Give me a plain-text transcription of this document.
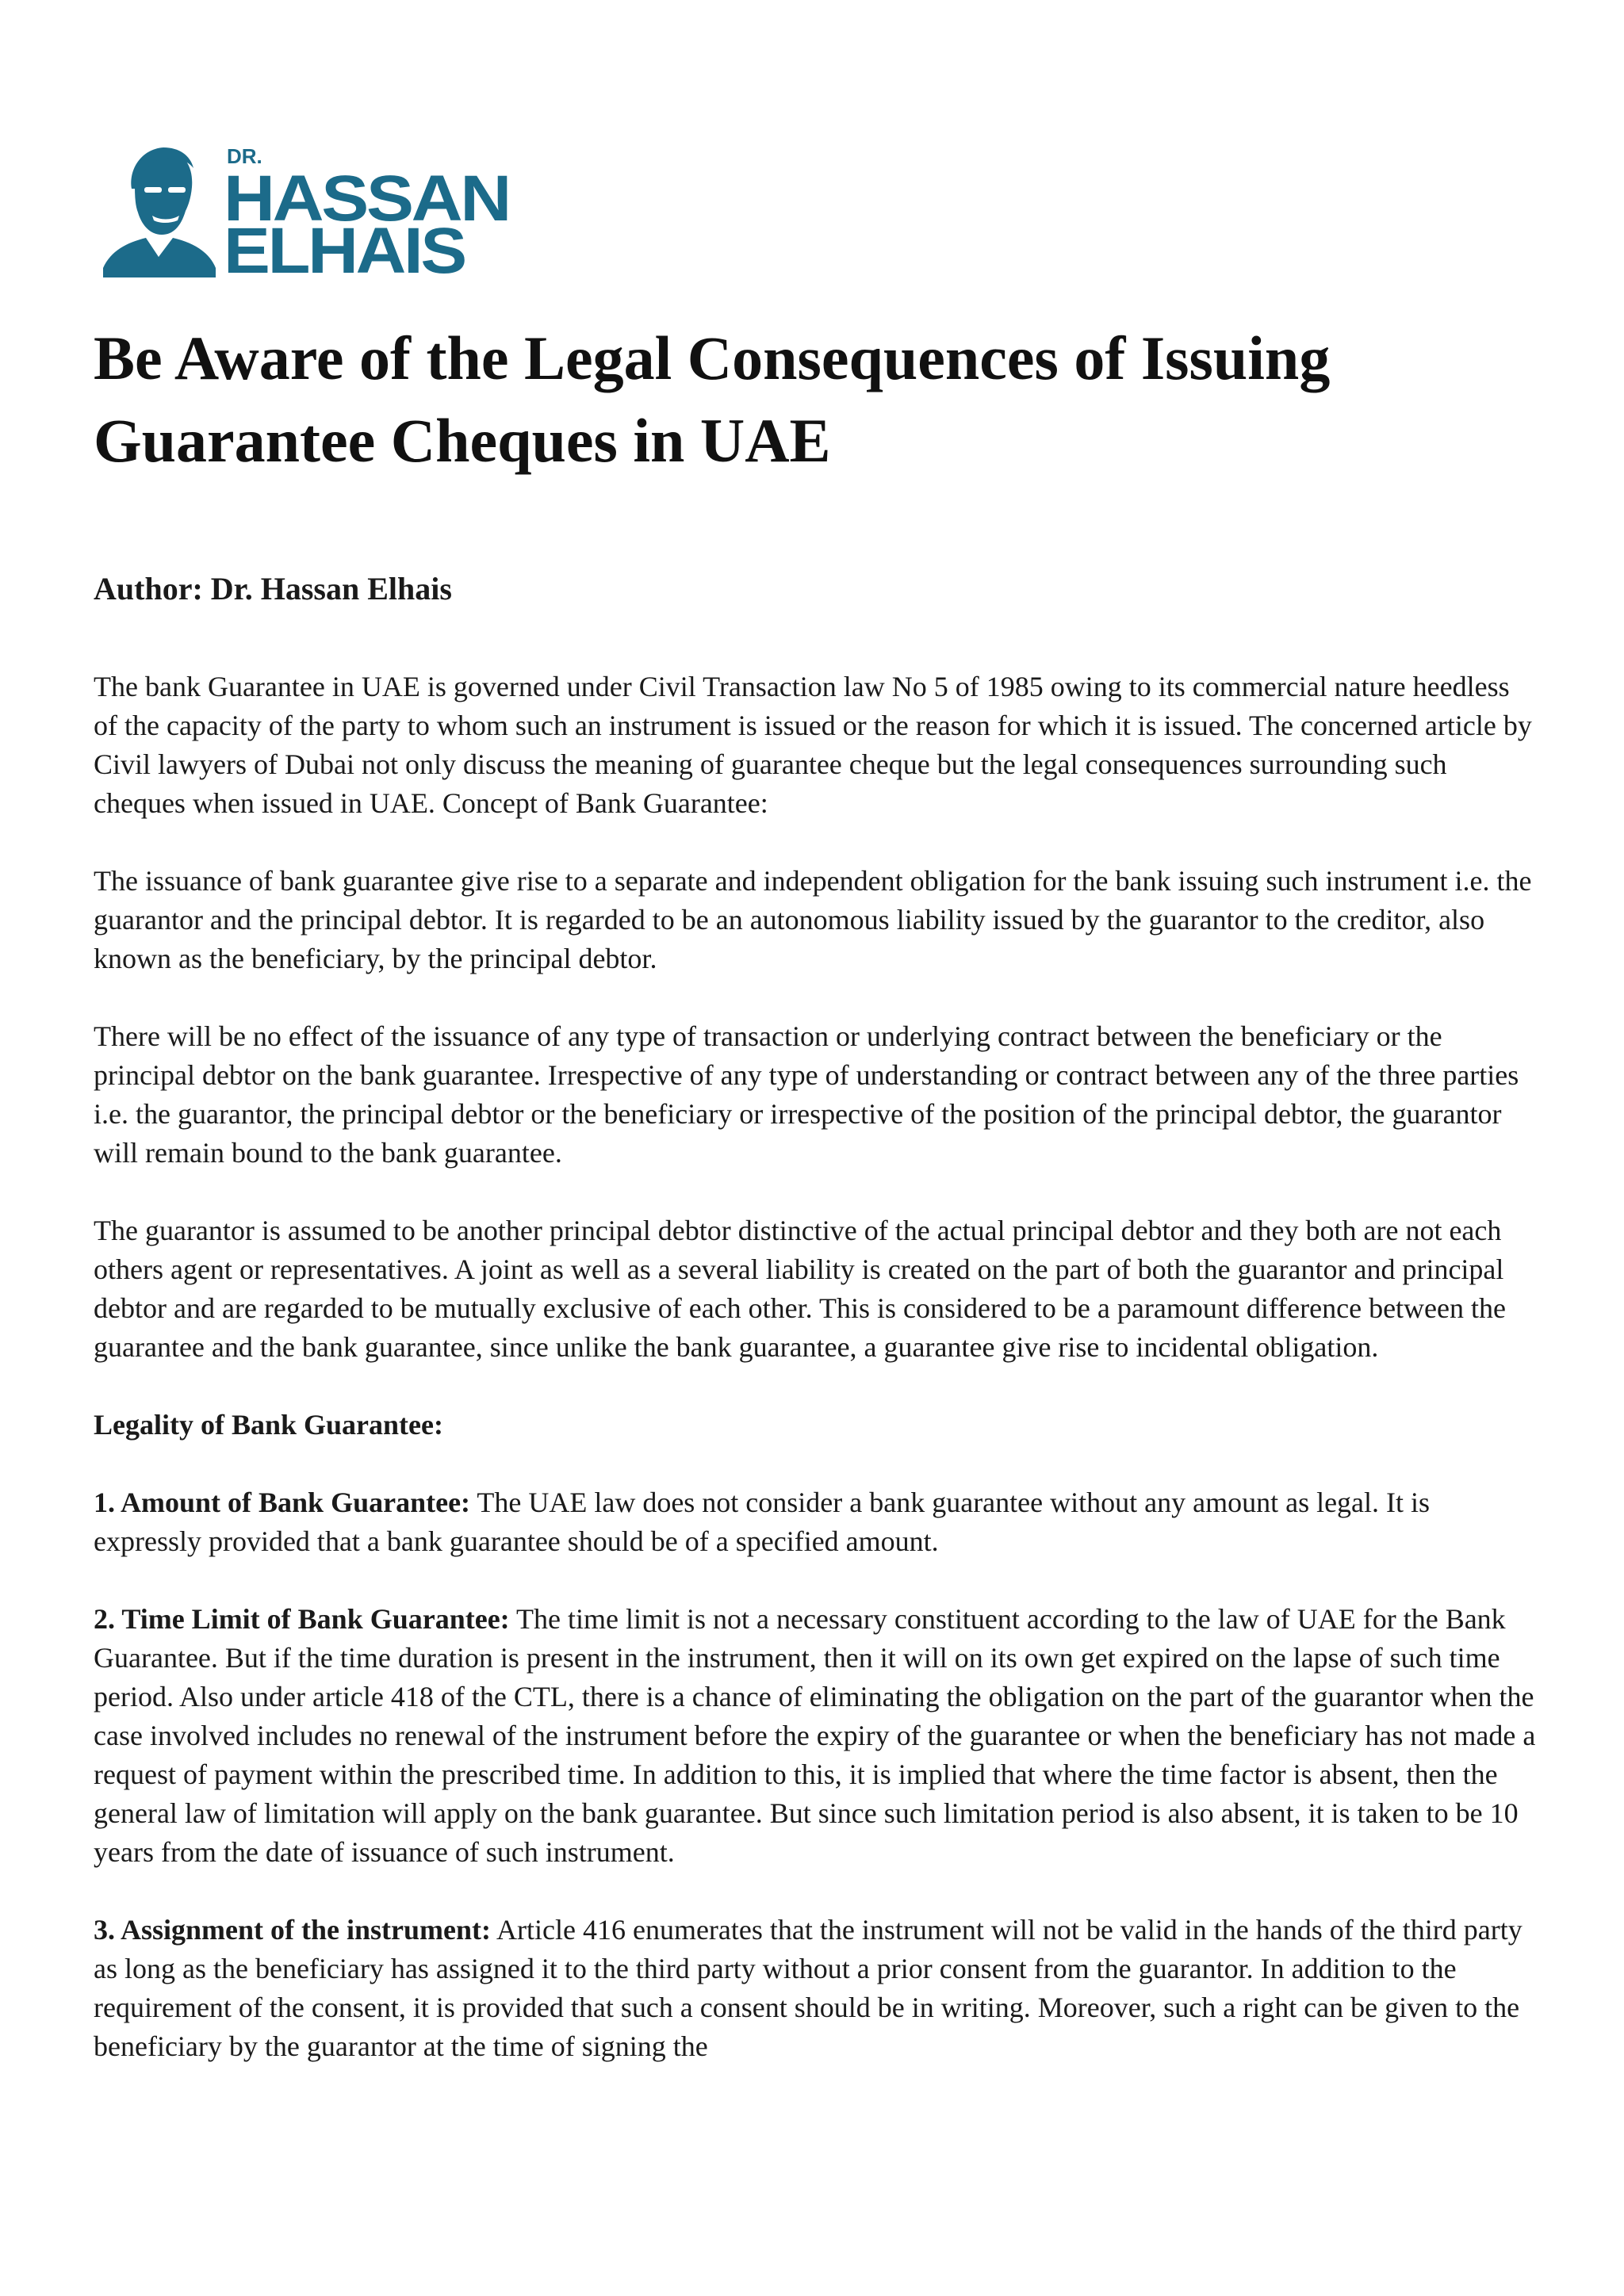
DR.
HASSAN
ELHAIS
Be Aware of the Legal Consequences of Issuing Guarantee Cheques in UAE

Author: Dr. Hassan Elhais

The bank Guarantee in UAE is governed under Civil Transaction law No 5 of 1985 owing to its commercial nature heedless of the capacity of the party to whom such an instrument is issued or the reason for which it is issued. The concerned article by Civil lawyers of Dubai not only discuss the meaning of guarantee cheque but the legal consequences surrounding such cheques when issued in UAE. Concept of Bank Guarantee:

The issuance of bank guarantee give rise to a separate and independent obligation for the bank issuing such instrument i.e. the guarantor and the principal debtor. It is regarded to be an autonomous liability issued by the guarantor to the creditor, also known as the beneficiary, by the principal debtor.

There will be no effect of the issuance of any type of transaction or underlying contract between the beneficiary or the principal debtor on the bank guarantee. Irrespective of any type of understanding or contract between any of the three parties i.e. the guarantor, the principal debtor or the beneficiary or irrespective of the position of the principal debtor, the guarantor will remain bound to the bank guarantee.

The guarantor is assumed to be another principal debtor distinctive of the actual principal debtor and they both are not each others agent or representatives. A joint as well as a several liability is created on the part of both the guarantor and principal debtor and are regarded to be mutually exclusive of each other. This is considered to be a paramount difference between the guarantee and the bank guarantee, since unlike the bank guarantee, a guarantee give rise to incidental obligation.

Legality of Bank Guarantee:

1. Amount of Bank Guarantee: The UAE law does not consider a bank guarantee without any amount as legal. It is expressly provided that a bank guarantee should be of a specified amount.

2. Time Limit of Bank Guarantee: The time limit is not a necessary constituent according to the law of UAE for the Bank Guarantee. But if the time duration is present in the instrument, then it will on its own get expired on the lapse of such time period. Also under article 418 of the CTL, there is a chance of eliminating the obligation on the part of the guarantor when the case involved includes no renewal of the instrument before the expiry of the guarantee or when the beneficiary has not made a request of payment within the prescribed time. In addition to this, it is implied that where the time factor is absent, then the general law of limitation will apply on the bank guarantee. But since such limitation period is also absent, it is taken to be 10 years from the date of issuance of such instrument.

3. Assignment of the instrument: Article 416 enumerates that the instrument will not be valid in the hands of the third party as long as the beneficiary has assigned it to the third party without a prior consent from the guarantor. In addition to the requirement of the consent, it is provided that such a consent should be in writing. Moreover, such a right can be given to the beneficiary by the guarantor at the time of signing the
